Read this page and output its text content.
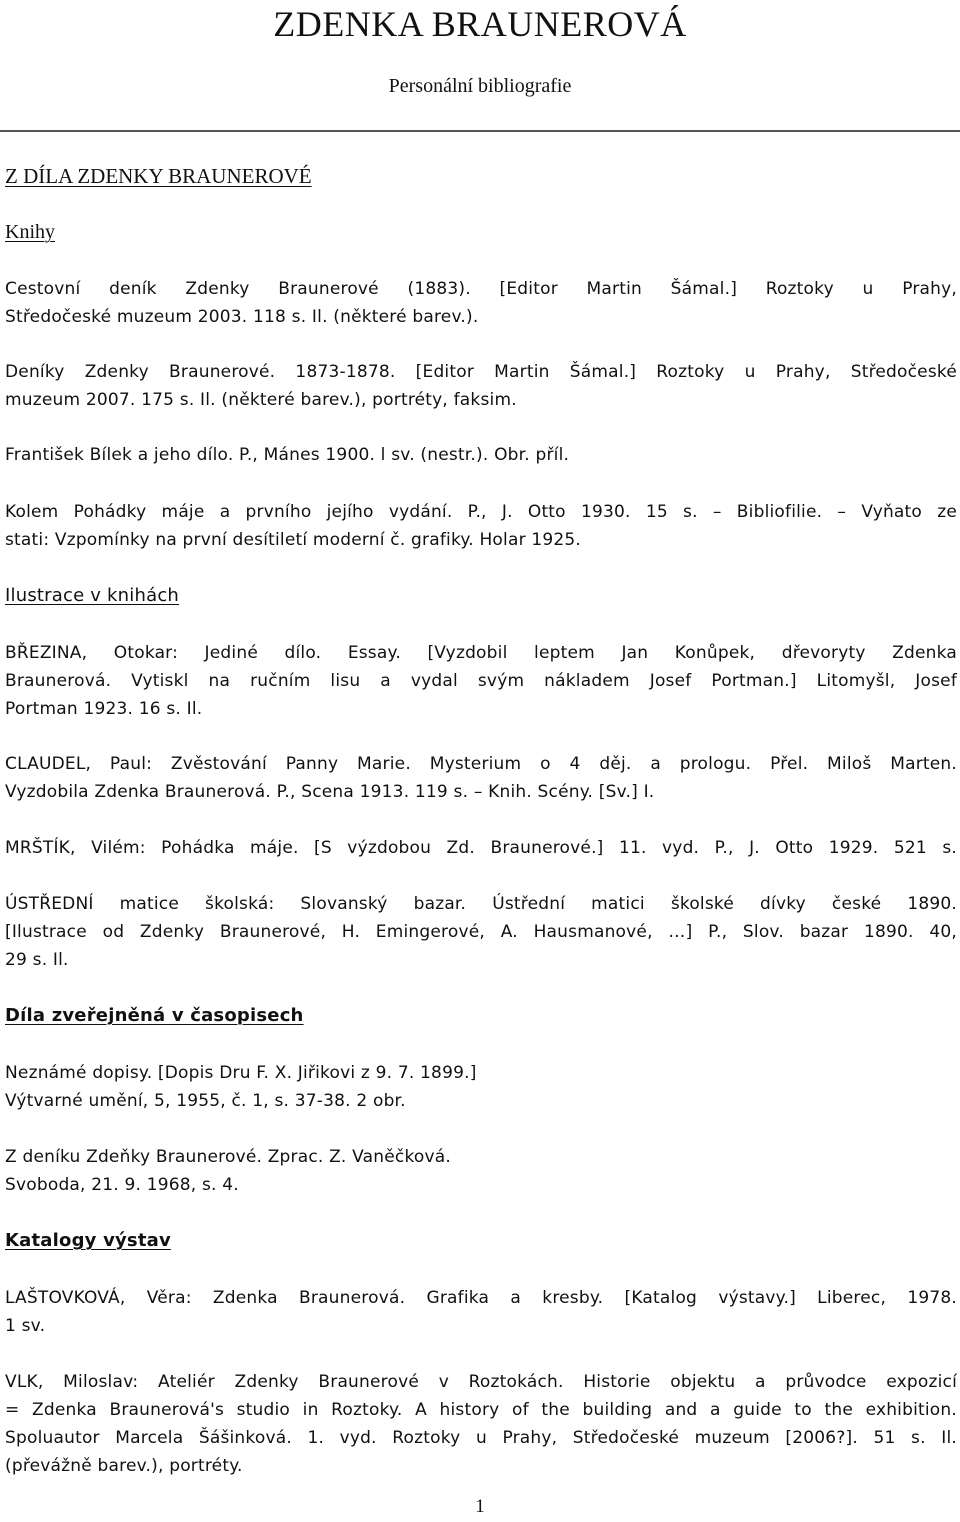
ZDENKA BRAUNEROVÁ
Personální bibliografie
Z DÍLA ZDENKY BRAUNEROVÉ
Knihy
Cestovní deník Zdenky Braunerové (1883). [Editor Martin Šámal.] Roztoky u Prahy,
Středočeské muzeum 2003. 118 s. Il. (některé barev.).
Deníky Zdenky Braunerové. 1873-1878. [Editor Martin Šámal.] Roztoky u Prahy, Středočeské
muzeum 2007. 175 s. Il. (některé barev.), portréty, faksim.
František Bílek a jeho dílo. P., Mánes 1900. l sv. (nestr.). Obr. příl.
Kolem Pohádky máje a prvního jejího vydání. P., J. Otto 1930. 15 s. – Bibliofilie. – Vyňato ze
stati: Vzpomínky na první desítiletí moderní č. grafiky. Holar 1925.
Ilustrace v knihách
BŘEZINA, Otokar: Jediné dílo. Essay. [Vyzdobil leptem Jan Konůpek, dřevoryty Zdenka
Braunerová. Vytiskl na ručním lisu a vydal svým nákladem Josef Portman.] Litomyšl, Josef
Portman 1923. 16 s. Il.
CLAUDEL, Paul: Zvěstování Panny Marie. Mysterium o 4 děj. a prologu. Přel. Miloš Marten.
Vyzdobila Zdenka Braunerová. P., Scena 1913. 119 s. – Knih. Scény. [Sv.] I.
MRŠTÍK, Vilém: Pohádka máje. [S výzdobou Zd. Braunerové.] 11. vyd. P., J. Otto 1929. 521 s.
ÚSTŘEDNÍ matice školská: Slovanský bazar. Ústřední matici školské dívky české 1890.
[Ilustrace od Zdenky Braunerové, H. Emingerové, A. Hausmanové, …] P., Slov. bazar 1890. 40,
29 s. Il.
Díla zveřejněná v časopisech
Neznámé dopisy. [Dopis Dru F. X. Jiřikovi z 9. 7. 1899.]
Výtvarné umění, 5, 1955, č. 1, s. 37-38. 2 obr.
Z deníku Zdeňky Braunerové. Zprac. Z. Vaněčková.
Svoboda, 21. 9. 1968, s. 4.
Katalogy výstav
LAŠTOVKOVÁ, Věra: Zdenka Braunerová. Grafika a kresby. [Katalog výstavy.] Liberec, 1978.
1 sv.
VLK, Miloslav: Ateliér Zdenky Braunerové v Roztokách. Historie objektu a průvodce expozicí
= Zdenka Braunerová's studio in Roztoky. A history of the building and a guide to the exhibition.
Spoluautor Marcela Šášinková. 1. vyd. Roztoky u Prahy, Středočeské muzeum [2006?]. 51 s. Il.
(převážně barev.), portréty.
1
